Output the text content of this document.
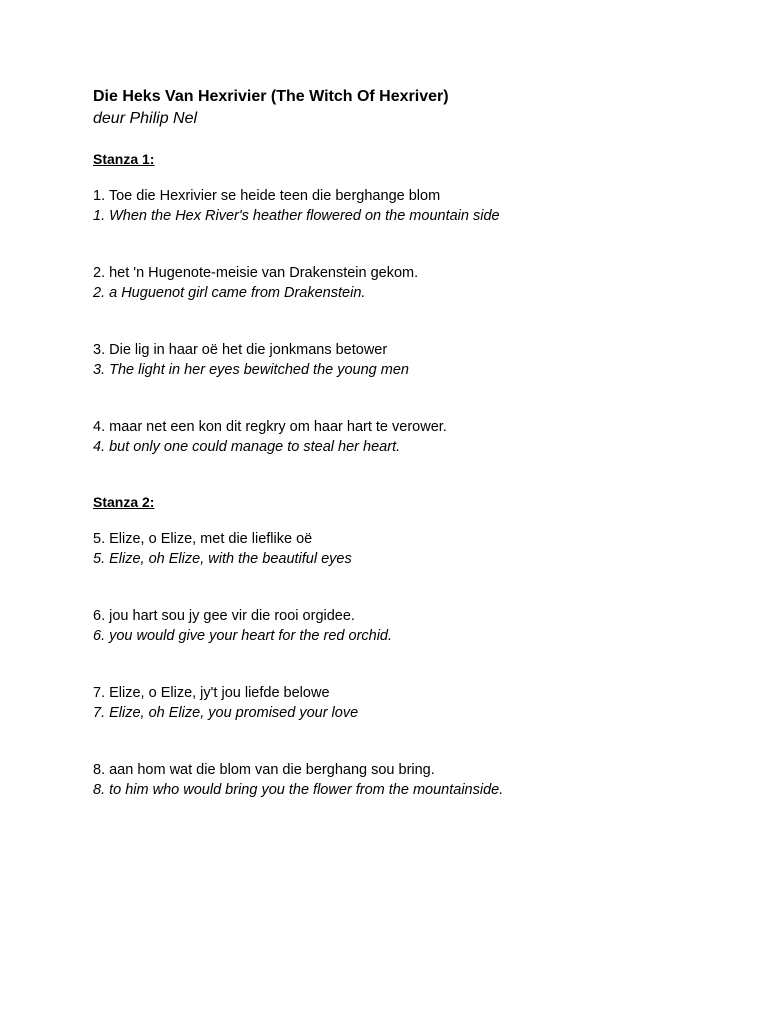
Die Heks Van Hexrivier (The Witch Of Hexriver)

deur Philip Nel

Stanza 1:

1. Toe die Hexrivier se heide teen die berghange blom

1. When the Hex River's heather flowered on the mountain side

2. het 'n Hugenote-meisie van Drakenstein gekom.

2. a Huguenot girl came from Drakenstein.

3. Die lig in haar oë het die jonkmans betower

3. The light in her eyes bewitched the young men

4. maar net een kon dit regkry om haar hart te verower.

4. but only one could manage to steal her heart.

Stanza 2:

5. Elize, o Elize, met die lieflike oë

5. Elize, oh Elize, with the beautiful eyes

6. jou hart sou jy gee vir die rooi orgidee.

6. you would give your heart for the red orchid.

7. Elize, o Elize, jy't jou liefde belowe

7. Elize, oh Elize, you promised your love

8. aan hom wat die blom van die berghang sou bring.

8. to him who would bring you the flower from the mountainside.
